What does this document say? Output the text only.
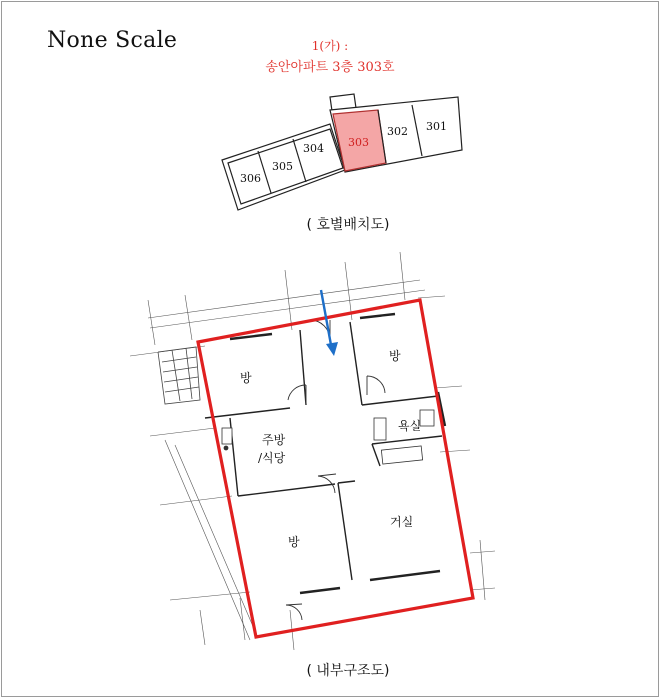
None Scale	1(가) :
송안아파트 3층 303호
306
305
304 303
302 301
방
방
욕실
주방
/식당
방
거실
( 호별배치도)
( 내부구조도)
